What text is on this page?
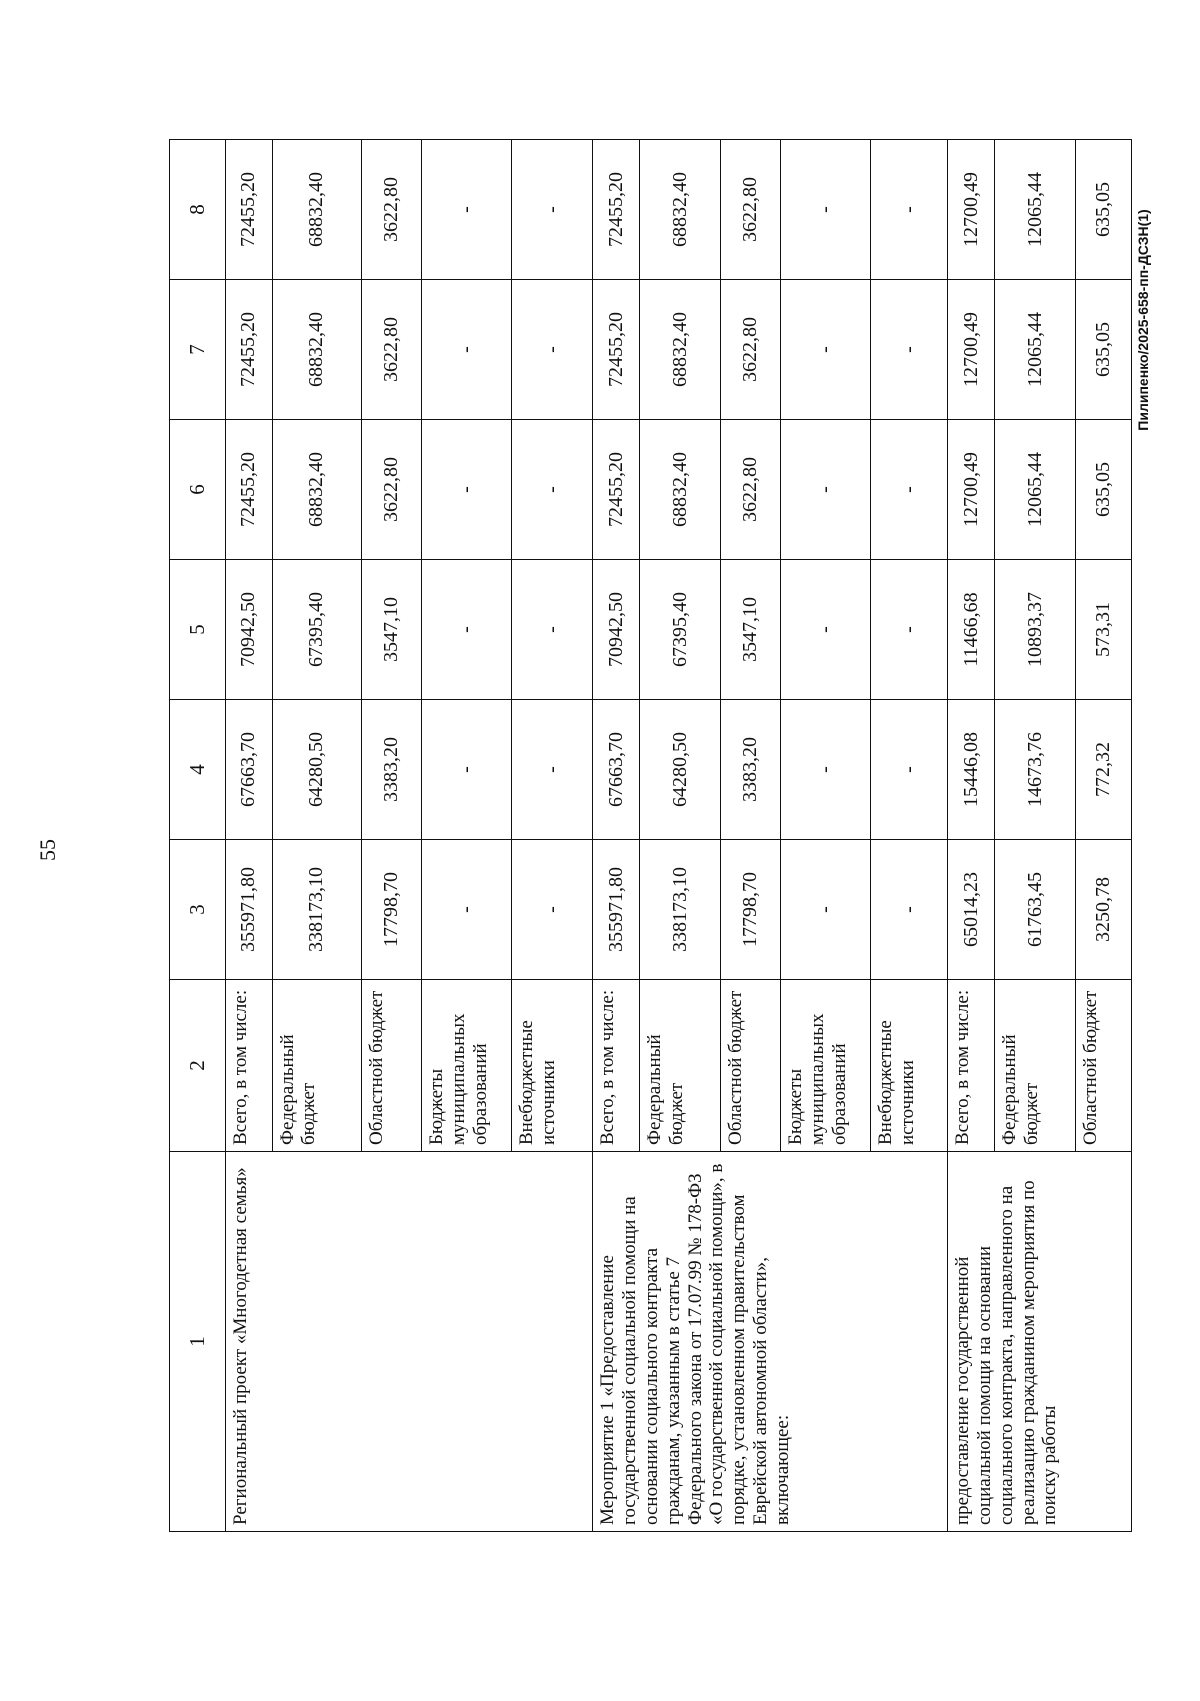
55
Пилипенко/2025-658-пп-ДСЗН(1)
1	2	3	4	5	6	7	8
Региональный проект «Многодетная семья»	Всего, в том числе:	355971,80	67663,70	70942,50	72455,20	72455,20	72455,20
	Федеральный бюджет	338173,10	64280,50	67395,40	68832,40	68832,40	68832,40
	Областной бюджет	17798,70	3383,20	3547,10	3622,80	3622,80	3622,80
	Бюджеты муниципальных образований	-	-	-	-	-	-
	Внебюджетные источники	-	-	-	-	-	-
Мероприятие 1 «Предоставление государственной социальной помощи на основании социального контракта гражданам, указанным в статье 7 Федерального закона от 17.07.99 № 178-ФЗ «О государственной социальной помощи», в порядке, установленном правительством Еврейской автономной области», включающее:	Всего, в том числе:	355971,80	67663,70	70942,50	72455,20	72455,20	72455,20
	Федеральный бюджет	338173,10	64280,50	67395,40	68832,40	68832,40	68832,40
	Областной бюджет	17798,70	3383,20	3547,10	3622,80	3622,80	3622,80
	Бюджеты муниципальных образований	-	-	-	-	-	-
	Внебюджетные источники	-	-	-	-	-	-
предоставление государственной социальной помощи на основании социального контракта, направленного на реализацию гражданином мероприятия по поиску работы	Всего, в том числе:	65014,23	15446,08	11466,68	12700,49	12700,49	12700,49
	Федеральный бюджет	61763,45	14673,76	10893,37	12065,44	12065,44	12065,44
	Областной бюджет	3250,78	772,32	573,31	635,05	635,05	635,05
